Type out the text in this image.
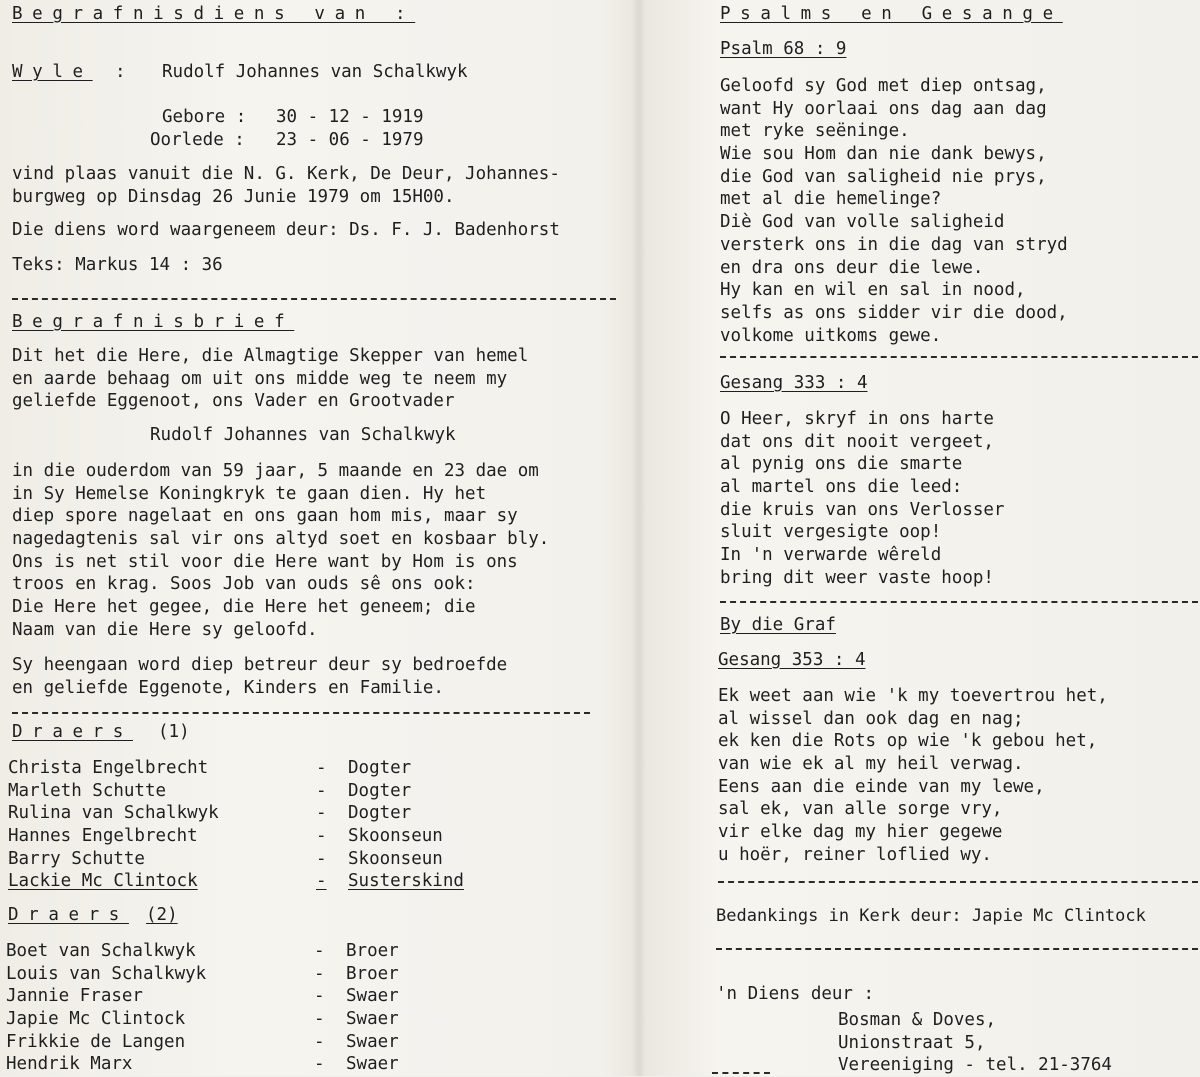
Begrafnisdiens van :
Wyle : Rudolf Johannes van Schalkwyk
Gebore : 30 - 12 - 1919
Oorlede : 23 - 06 - 1979
vind plaas vanuit die N. G. Kerk, De Deur, Johannes-
burgweg op Dinsdag 26 Junie 1979 om 15H00.
Die diens word waargeneem deur: Ds. F. J. Badenhorst
Teks: Markus 14 : 36
Begrafnisbrief
Dit het die Here, die Almagtige Skepper van hemel
en aarde behaag om uit ons midde weg te neem my
geliefde Eggenoot, ons Vader en Grootvader
Rudolf Johannes van Schalkwyk
in die ouderdom van 59 jaar, 5 maande en 23 dae om
in Sy Hemelse Koningkryk te gaan dien. Hy het
diep spore nagelaat en ons gaan hom mis, maar sy
nagedagtenis sal vir ons altyd soet en kosbaar bly.
Ons is net stil voor die Here want by Hom is ons
troos en krag. Soos Job van ouds sê ons ook:
Die Here het gegee, die Here het geneem; die
Naam van die Here sy geloofd.
Sy heengaan word diep betreur deur sy bedroefde
en geliefde Eggenote, Kinders en Familie.
Draers (1)
Christa Engelbrecht	- Dogter
Marleth Schutte	- Dogter
Rulina van Schalkwyk	- Dogter
Hannes Engelbrecht	- Skoonseun
Barry Schutte	- Skoonseun
Lackie Mc Clintock	- Susterskind
Draers (2)
Boet van Schalkwyk	- Broer
Louis van Schalkwyk	- Broer
Jannie Fraser	- Swaer
Japie Mc Clintock	- Swaer
Frikkie de Langen	- Swaer
Hendrik Marx	- Swaer
Psalms en Gesange
Psalm 68 : 9
Geloofd sy God met diep ontsag,
want Hy oorlaai ons dag aan dag
met ryke seëninge.
Wie sou Hom dan nie dank bewys,
die God van saligheid nie prys,
met al die hemelinge?
Diè God van volle saligheid
versterk ons in die dag van stryd
en dra ons deur die lewe.
Hy kan en wil en sal in nood,
selfs as ons sidder vir die dood,
volkome uitkoms gewe.
Gesang 333 : 4
O Heer, skryf in ons harte
dat ons dit nooit vergeet,
al pynig ons die smarte
al martel ons die leed:
die kruis van ons Verlosser
sluit vergesigte oop!
In 'n verwarde wêreld
bring dit weer vaste hoop!
By die Graf
Gesang 353 : 4
Ek weet aan wie 'k my toevertrou het,
al wissel dan ook dag en nag;
ek ken die Rots op wie 'k gebou het,
van wie ek al my heil verwag.
Eens aan die einde van my lewe,
sal ek, van alle sorge vry,
vir elke dag my hier gegewe
u hoër, reiner loflied wy.
Bedankings in Kerk deur: Japie Mc Clintock
'n Diens deur :
Bosman & Doves,
Unionstraat 5,
Vereeniging - tel. 21-3764
